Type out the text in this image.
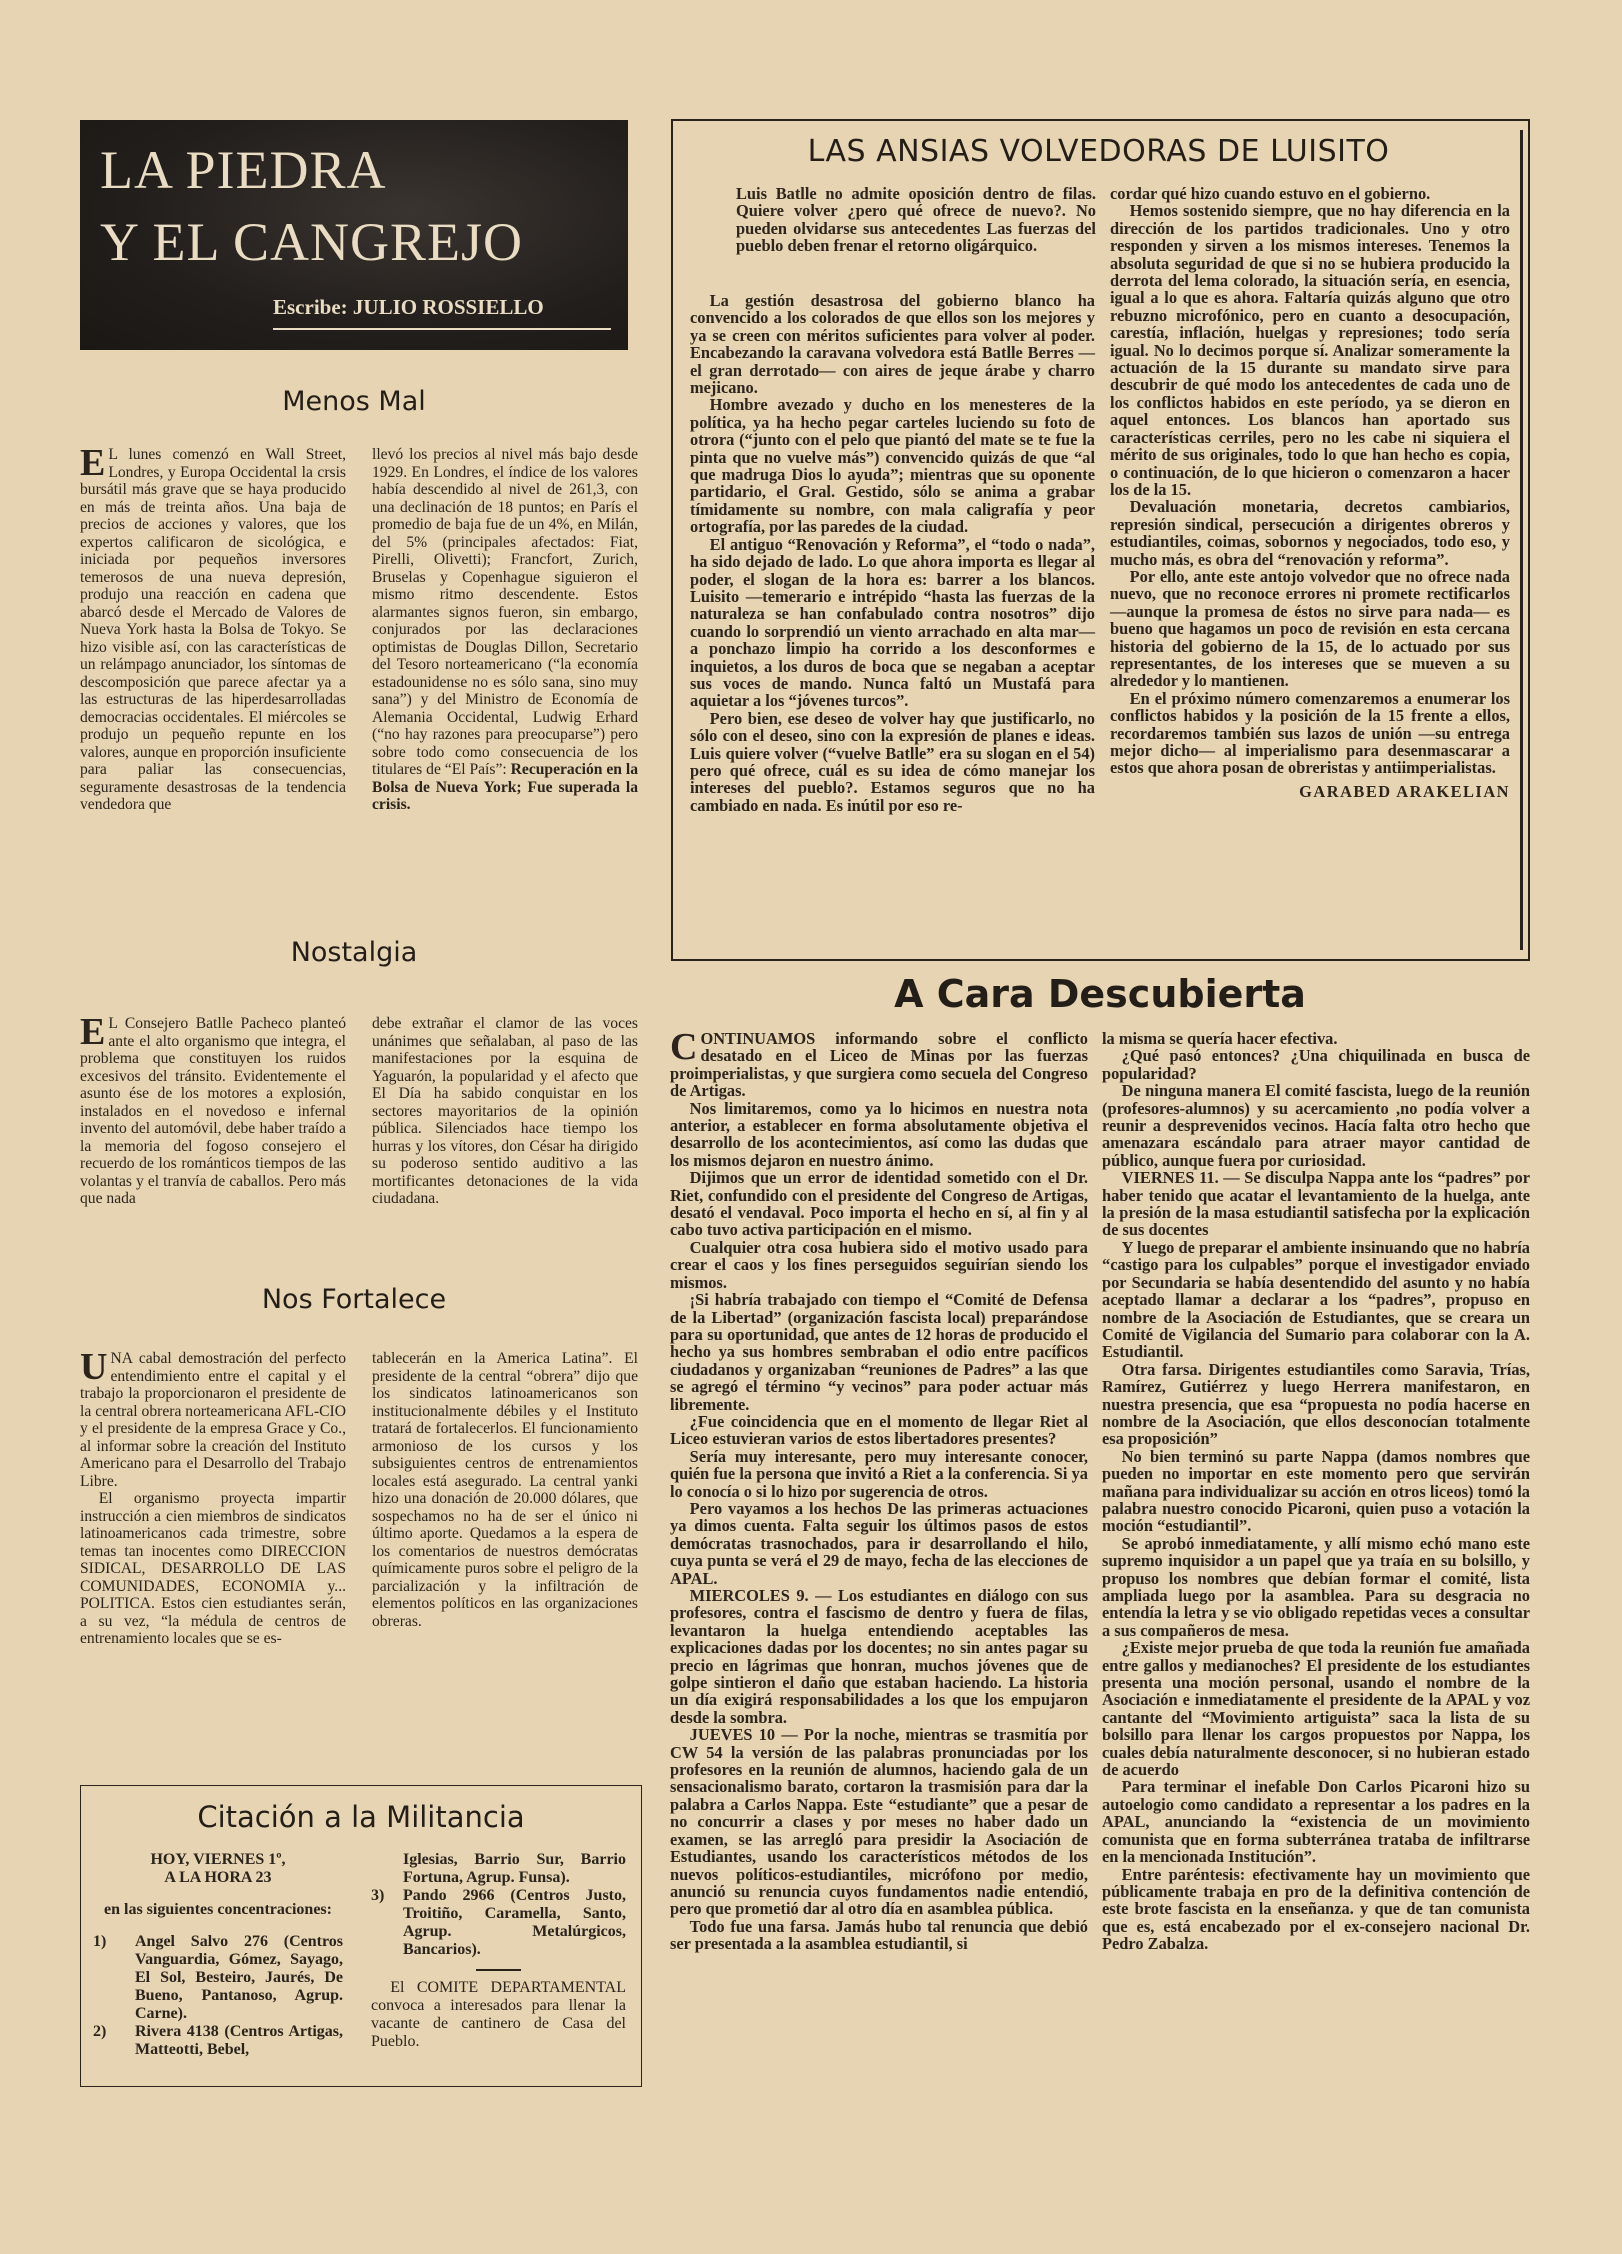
LA PIEDRA
Y EL CANGREJO
Escribe: JULIO ROSSIELLO
Menos Mal
E L lunes comenzó en Wall Street, Londres, y Europa Occidental la crsis bursátil más grave que se haya producido en más de treinta años. Una baja de precios de acciones y valores, que los expertos calificaron de sicológica, e iniciada por pequeños inversores temerosos de una nueva depresión, produjo una reacción en cadena que abarcó desde el Mercado de Valores de Nueva York hasta la Bolsa de Tokyo. Se hizo visible así, con las características de un relámpago anunciador, los síntomas de descomposición que parece afectar ya a las estructuras de las hiperdesarrolladas democracias occidentales. El miércoles se produjo un pequeño repunte en los valores, aunque en proporción insuficiente para paliar las consecuencias, seguramente desastrosas de la tendencia vendedora que

llevó los precios al nivel más bajo desde 1929. En Londres, el índice de los valores había descendido al nivel de 261,3, con una declinación de 18 puntos; en París el promedio de baja fue de un 4%, en Milán, del 5% (principales afectados: Fiat, Pirelli, Olivetti); Francfort, Zurich, Bruselas y Copenhague siguieron el mismo ritmo descendente. Estos alarmantes signos fueron, sin embargo, conjurados por las declaraciones optimistas de Douglas Dillon, Secretario del Tesoro norteamericano (“la economía estadounidense no es sólo sana, sino muy sana”) y del Ministro de Economía de Alemania Occidental, Ludwig Erhard (“no hay razones para preocuparse”) pero sobre todo como consecuencia de los titulares de “El País”: Recuperación en la Bolsa de Nueva York; Fue superada la crisis.

Nostalgia
E L Consejero Batlle Pacheco planteó ante el alto organismo que integra, el problema que constituyen los ruidos excesivos del tránsito. Evidentemente el asunto ése de los motores a explosión, instalados en el novedoso e infernal invento del automóvil, debe haber traído a la memoria del fogoso consejero el recuerdo de los románticos tiempos de las volantas y el tranvía de caballos. Pero más que nada

debe extrañar el clamor de las voces unánimes que señalaban, al paso de las manifestaciones por la esquina de Yaguarón, la popularidad y el afecto que El Día ha sabido conquistar en los sectores mayoritarios de la opinión pública. Silenciados hace tiempo los hurras y los vítores, don César ha dirigido su poderoso sentido auditivo a las mortificantes detonaciones de la vida ciudadana.

Nos Fortalece
U NA cabal demostración del perfecto entendimiento entre el capital y el trabajo la proporcionaron el presidente de la central obrera norteamericana AFL-CIO y el presidente de la empresa Grace y Co., al informar sobre la creación del Instituto Americano para el Desarrollo del Trabajo Libre.

El organismo proyecta impartir instrucción a cien miembros de sindicatos latinoamericanos cada trimestre, sobre temas tan inocentes como DIRECCION SIDICAL, DESARROLLO DE LAS COMUNIDADES, ECONOMIA y... POLITICA. Estos cien estudiantes serán, a su vez, “la médula de centros de entrenamiento locales que se es-

tablecerán en la America Latina”. El presidente de la central “obrera” dijo que los sindicatos latinoamericanos son institucionalmente débiles y el Instituto tratará de fortalecerlos. El funcionamiento armonioso de los cursos y los subsiguientes centros de entrenamientos locales está asegurado. La central yanki hizo una donación de 20.000 dólares, que sospechamos no ha de ser el único ni último aporte. Quedamos a la espera de los comentarios de nuestros demócratas químicamente puros sobre el peligro de la parcialización y la infiltración de elementos políticos en las organizaciones obreras.

Citación a la Militancia
HOY, VIERNES 1º,
A LA HORA 23
en las siguientes concentraciones:
1)	Angel Salvo 276 (Centros Vanguardia, Gómez, Sayago, El Sol, Besteiro, Jaurés, De Bueno, Pantanoso, Agrup. Carne).
2)	Rivera 4138 (Centros Artigas, Matteotti, Bebel,
Iglesias, Barrio Sur, Barrio Fortuna, Agrup. Funsa).
3)	Pando 2966 (Centros Justo, Troitiño, Caramella, Santo, Agrup. Metalúrgicos, Bancarios).
El COMITE DEPARTAMENTAL convoca a interesados para llenar la vacante de cantinero de Casa del Pueblo.
LAS ANSIAS VOLVEDORAS DE LUISITO

Luis Batlle no admite oposición dentro de filas. Quiere volver ¿pero qué ofrece de nuevo?. No pueden olvidarse sus antecedentes Las fuerzas del pueblo deben frenar el retorno oligárquico.

La gestión desastrosa del gobierno blanco ha convencido a los colorados de que ellos son los mejores y ya se creen con méritos suficientes para volver al poder. Encabezando la caravana volvedora está Batlle Berres —el gran derrotado— con aires de jeque árabe y charro mejicano.

Hombre avezado y ducho en los menesteres de la política, ya ha hecho pegar carteles luciendo su foto de otrora (“junto con el pelo que piantó del mate se te fue la pinta que no vuelve más”) convencido quizás de que “al que madruga Dios lo ayuda”; mientras que su oponente partidario, el Gral. Gestido, sólo se anima a grabar tímidamente su nombre, con mala caligrafía y peor ortografía, por las paredes de la ciudad.

El antiguo “Renovación y Reforma”, el “todo o nada”, ha sido dejado de lado. Lo que ahora importa es llegar al poder, el slogan de la hora es: barrer a los blancos. Luisito —temerario e intrépido “hasta las fuerzas de la naturaleza se han confabulado contra nosotros” dijo cuando lo sorprendió un viento arrachado en alta mar— a ponchazo limpio ha corrido a los desconformes e inquietos, a los duros de boca que se negaban a aceptar sus voces de mando. Nunca faltó un Mustafá para aquietar a los “jóvenes turcos”.

Pero bien, ese deseo de volver hay que justificarlo, no sólo con el deseo, sino con la expresión de planes e ideas. Luis quiere volver (“vuelve Batlle” era su slogan en el 54) pero qué ofrece, cuál es su idea de cómo manejar los intereses del pueblo?. Estamos seguros que no ha cambiado en nada. Es inútil por eso re-

cordar qué hizo cuando estuvo en el gobierno.

Hemos sostenido siempre, que no hay diferencia en la dirección de los partidos tradicionales. Uno y otro responden y sirven a los mismos intereses. Tenemos la absoluta seguridad de que si no se hubiera producido la derrota del lema colorado, la situación sería, en esencia, igual a lo que es ahora. Faltaría quizás alguno que otro rebuzno microfónico, pero en cuanto a desocupación, carestía, inflación, huelgas y represiones; todo sería igual. No lo decimos porque sí. Analizar someramente la actuación de la 15 durante su mandato sirve para descubrir de qué modo los antecedentes de cada uno de los conflictos habidos en este período, ya se dieron en aquel entonces. Los blancos han aportado sus características cerriles, pero no les cabe ni siquiera el mérito de sus originales, todo lo que han hecho es copia, o continuación, de lo que hicieron o comenzaron a hacer los de la 15.

Devaluación monetaria, decretos cambiarios, represión sindical, persecución a dirigentes obreros y estudiantiles, coimas, sobornos y negociados, todo eso, y mucho más, es obra del “renovación y reforma”.

Por ello, ante este antojo volvedor que no ofrece nada nuevo, que no reconoce errores ni promete rectificarlos —aunque la promesa de éstos no sirve para nada— es bueno que hagamos un poco de revisión en esta cercana historia del gobierno de la 15, de lo actuado por sus representantes, de los intereses que se mueven a su alrededor y lo mantienen.

En el próximo número comenzaremos a enumerar los conflictos habidos y la posición de la 15 frente a ellos, recordaremos también sus lazos de unión —su entrega mejor dicho— al imperialismo para desenmascarar a estos que ahora posan de obreristas y antiimperialistas.

GARABED ARAKELIAN
A Cara Descubierta
C ONTINUAMOS informando sobre el conflicto desatado en el Liceo de Minas por las fuerzas proimperialistas, y que surgiera como secuela del Congreso de Artigas.

Nos limitaremos, como ya lo hicimos en nuestra nota anterior, a establecer en forma absolutamente objetiva el desarrollo de los acontecimientos, así como las dudas que los mismos dejaron en nuestro ánimo.

Dijimos que un error de identidad sometido con el Dr. Riet, confundido con el presidente del Congreso de Artigas, desató el vendaval. Poco importa el hecho en sí, al fin y al cabo tuvo activa participación en el mismo.

Cualquier otra cosa hubiera sido el motivo usado para crear el caos y los fines perseguidos seguirían siendo los mismos.

¡Si habría trabajado con tiempo el “Comité de Defensa de la Libertad” (organización fascista local) preparándose para su oportunidad, que antes de 12 horas de producido el hecho ya sus hombres sembraban el odio entre pacíficos ciudadanos y organizaban “reuniones de Padres” a las que se agregó el término “y vecinos” para poder actuar más libremente.

¿Fue coincidencia que en el momento de llegar Riet al Liceo estuvieran varios de estos libertadores presentes?

Sería muy interesante, pero muy interesante conocer, quién fue la persona que invitó a Riet a la conferencia. Si ya lo conocía o si lo hizo por sugerencia de otros.

Pero vayamos a los hechos De las primeras actuaciones ya dimos cuenta. Falta seguir los últimos pasos de estos demócratas trasnochados, para ir desarrollando el hilo, cuya punta se verá el 29 de mayo, fecha de las elecciones de APAL.

MIERCOLES 9. — Los estudiantes en diálogo con sus profesores, contra el fascismo de dentro y fuera de filas, levantaron la huelga entendiendo aceptables las explicaciones dadas por los docentes; no sin antes pagar su precio en lágrimas que honran, muchos jóvenes que de golpe sintieron el daño que estaban haciendo. La historia un día exigirá responsabilidades a los que los empujaron desde la sombra.

JUEVES 10 — Por la noche, mientras se trasmitía por CW 54 la versión de las palabras pronunciadas por los profesores en la reunión de alumnos, haciendo gala de un sensacionalismo barato, cortaron la trasmisión para dar la palabra a Carlos Nappa. Este “estudiante” que a pesar de no concurrir a clases y por meses no haber dado un examen, se las arregló para presidir la Asociación de Estudiantes, usando los característicos métodos de los nuevos políticos-estudiantiles, micrófono por medio, anunció su renuncia cuyos fundamentos nadie entendió, pero que prometió dar al otro día en asamblea pública.

Todo fue una farsa. Jamás hubo tal renuncia que debió ser presentada a la asamblea estudiantil, si

la misma se quería hacer efectiva.

¿Qué pasó entonces? ¿Una chiquilinada en busca de popularidad?

De ninguna manera El comité fascista, luego de la reunión (profesores-alumnos) y su acercamiento ,no podía volver a reunir a desprevenidos vecinos. Hacía falta otro hecho que amenazara escándalo para atraer mayor cantidad de público, aunque fuera por curiosidad.

VIERNES 11. — Se disculpa Nappa ante los “padres” por haber tenido que acatar el levantamiento de la huelga, ante la presión de la masa estudiantil satisfecha por la explicación de sus docentes

Y luego de preparar el ambiente insinuando que no habría “castigo para los culpables” porque el investigador enviado por Secundaria se había desentendido del asunto y no había aceptado llamar a declarar a los “padres”, propuso en nombre de la Asociación de Estudiantes, que se creara un Comité de Vigilancia del Sumario para colaborar con la A. Estudiantil.

Otra farsa. Dirigentes estudiantiles como Saravia, Trías, Ramírez, Gutiérrez y luego Herrera manifestaron, en nuestra presencia, que esa “propuesta no podía hacerse en nombre de la Asociación, que ellos desconocían totalmente esa proposición”

No bien terminó su parte Nappa (damos nombres que pueden no importar en este momento pero que servirán mañana para individualizar su acción en otros liceos) tomó la palabra nuestro conocido Picaroni, quien puso a votación la moción “estudiantil”.

Se aprobó inmediatamente, y allí mismo echó mano este supremo inquisidor a un papel que ya traía en su bolsillo, y propuso los nombres que debían formar el comité, lista ampliada luego por la asamblea. Para su desgracia no entendía la letra y se vio obligado repetidas veces a consultar a sus compañeros de mesa.

¿Existe mejor prueba de que toda la reunión fue amañada entre gallos y medianoches? El presidente de los estudiantes presenta una moción personal, usando el nombre de la Asociación e inmediatamente el presidente de la APAL y voz cantante del “Movimiento artiguista” saca la lista de su bolsillo para llenar los cargos propuestos por Nappa, los cuales debía naturalmente desconocer, si no hubieran estado de acuerdo

Para terminar el inefable Don Carlos Picaroni hizo su autoelogio como candidato a representar a los padres en la APAL, anunciando la “existencia de un movimiento comunista que en forma subterránea trataba de infiltrarse en la mencionada Institución”.

Entre paréntesis: efectivamente hay un movimiento que públicamente trabaja en pro de la definitiva contención de este brote fascista en la enseñanza. y que de tan comunista que es, está encabezado por el ex-consejero nacional Dr. Pedro Zabalza.
